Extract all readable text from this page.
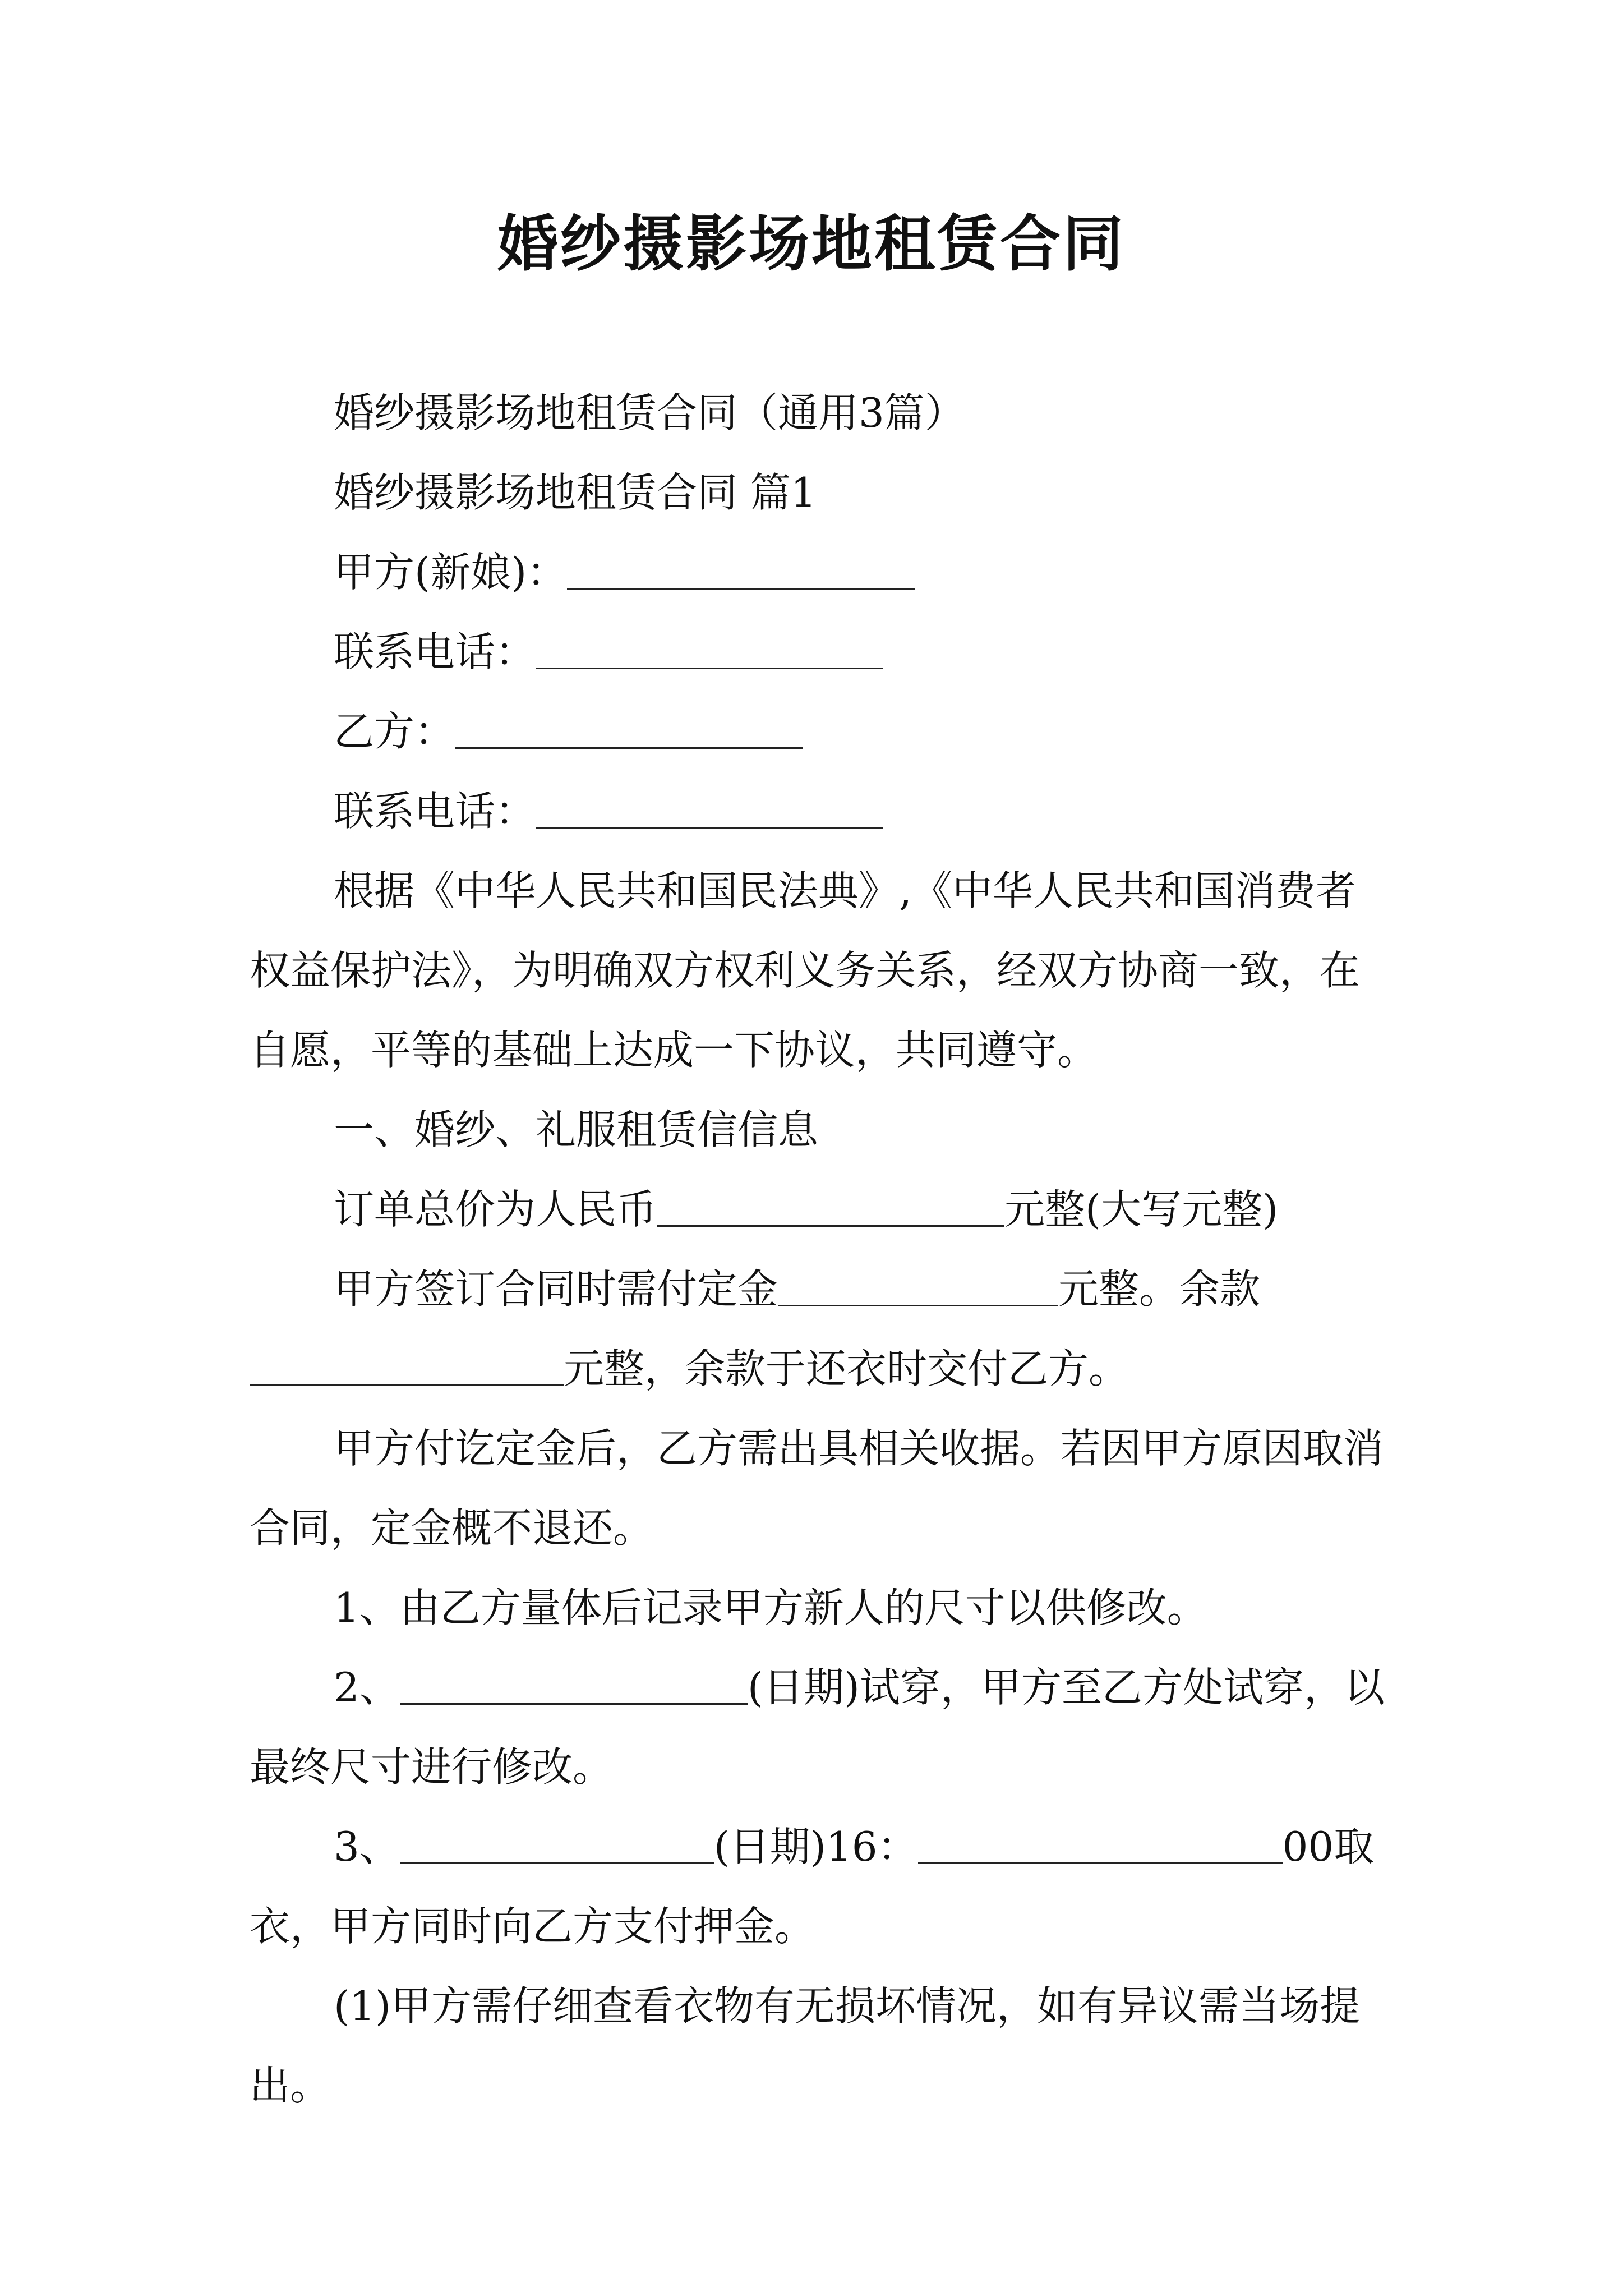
婚纱摄影场地租赁合同

婚纱摄影场地租赁合同（通用3篇）

婚纱摄影场地租赁合同 篇1

甲方(新娘)：

联系电话：

乙方：

联系电话：

根据《中华人民共和国民法典》,《中华人民共和国消费者权益保护法》，为明确双方权利义务关系，经双方协商一致，在自愿，平等的基础上达成一下协议，共同遵守。

一、婚纱、礼服租赁信信息

订单总价为人民币	元整(大写元整)

甲方签订合同时需付定金	元整。余款元整，余款于还衣时交付乙方。

甲方付讫定金后，乙方需出具相关收据。若因甲方原因取消合同，定金概不退还。

1、由乙方量体后记录甲方新人的尺寸以供修改。

2、	(日期)试穿，甲方至乙方处试穿，以最终尺寸进行修改。

3、	(日期)16：	00取衣，甲方同时向乙方支付押金。

(1)甲方需仔细查看衣物有无损坏情况，如有异议需当场提出。
